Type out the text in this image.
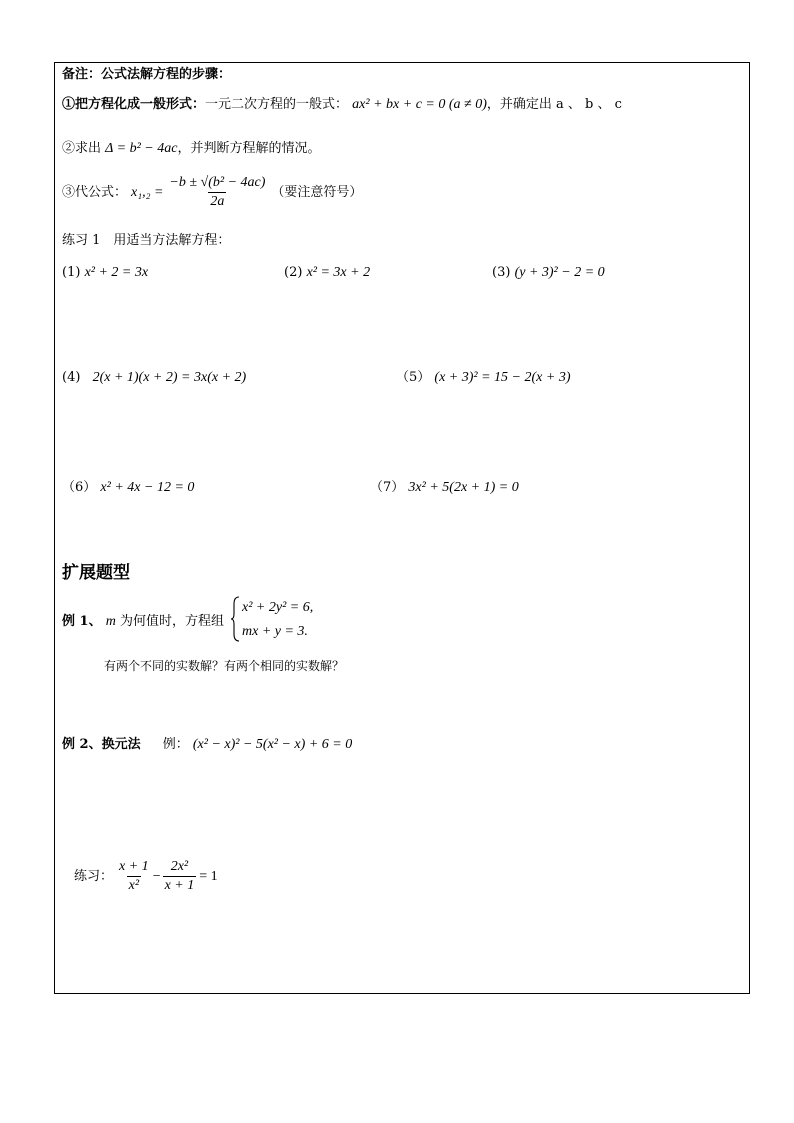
备注：公式法解方程的步骤：
①把方程化成一般形式：一元二次方程的一般式： ax² + bx + c = 0 (a ≠ 0)，并确定出 a 、 b 、 c
②求出 Δ = b² − 4ac，并判断方程解的情况。
③代公式： $x_1,_2 = \frac{\text{−b ± √(b² − 4ac)}}{2a}$ （要注意符号）
练习 1　用适当方法解方程：
(1) x² + 2 = 3x	(2) x² = 3x + 2	(3) (y + 3)² − 2 = 0
(4) 2(x + 1)(x + 2) = 3x(x + 2)	（5） (x + 3)² = 15 − 2(x + 3)
（6） x² + 4x − 12 = 0	（7） 3x² + 5(2x + 1) = 0
扩展题型
例 1、 m 为何值时，方程组
x² + 2y² = 6,
mx + y = 3.
有两个不同的实数解？有两个相同的实数解？
例 2、换元法 例： (x² − x)² − 5(x² − x) + 6 = 0
练习： $\frac{x + 1}{\text{x²}} - \frac{\text{2x²}}{x + 1} = 1$
